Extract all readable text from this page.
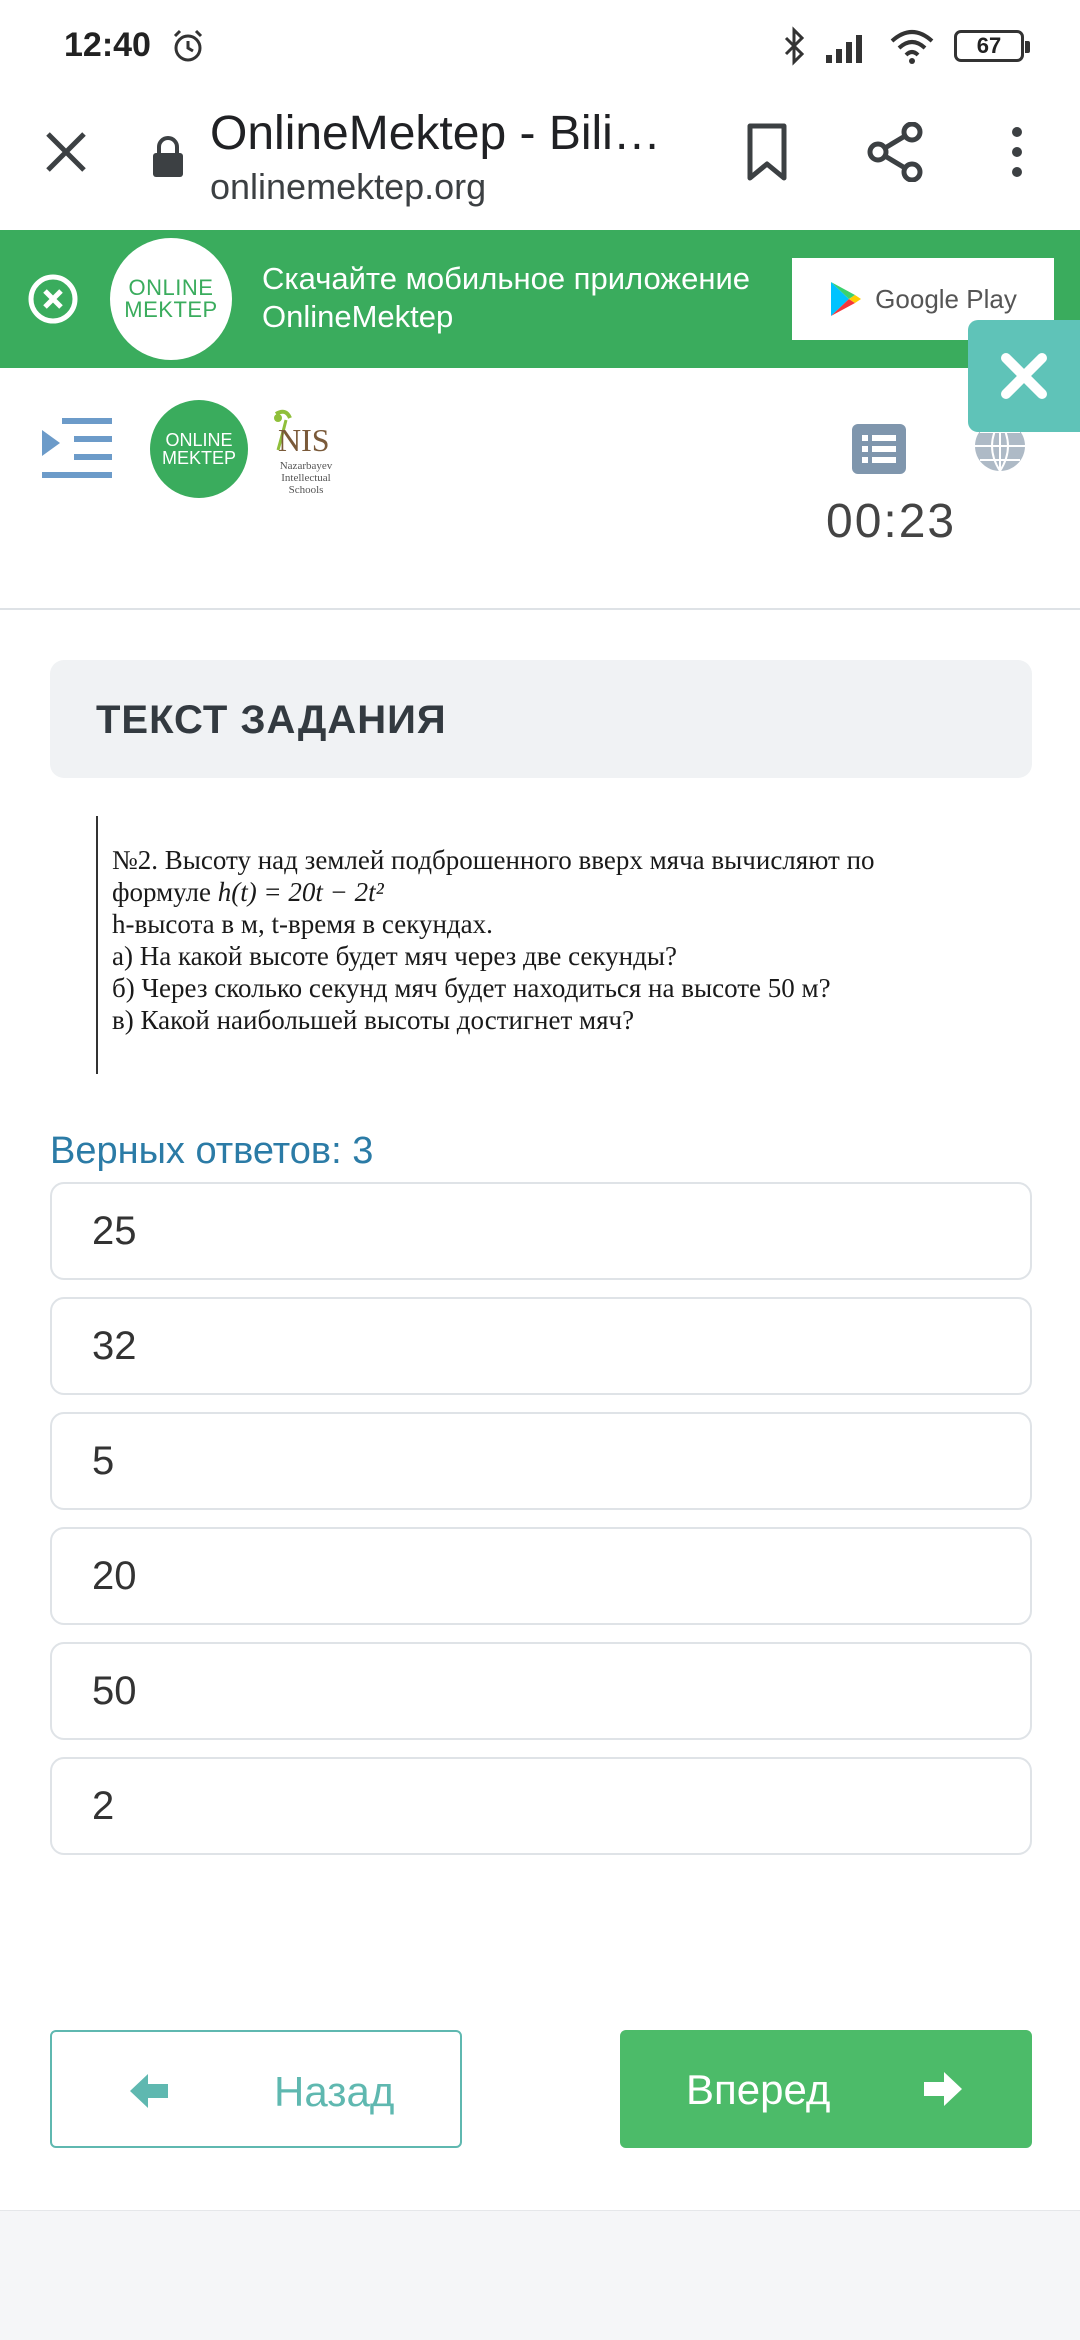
12:40	67
OnlineMektep - Bili…
onlinemektep.org
ONLINE
MEKTEP
Скачайте мобильное приложение OnlineMektep
Google Play
ONLINE
MEKTEP NIS
Nazarbayev Intellectual Schools
00:23
ТЕКСТ ЗАДАНИЯ
№2. Высоту над землей подброшенного вверх мяча вычисляют по
формуле h(t) = 20t − 2t²
h-высота в м, t-время в секундах.
а) На какой высоте будет мяч через две секунды?
б) Через сколько секунд мяч будет находиться на высоте 50 м?
в) Какой наибольшей высоты достигнет мяч?
Верных ответов: 3
25
32
5
20
50
2
Назад	Вперед
